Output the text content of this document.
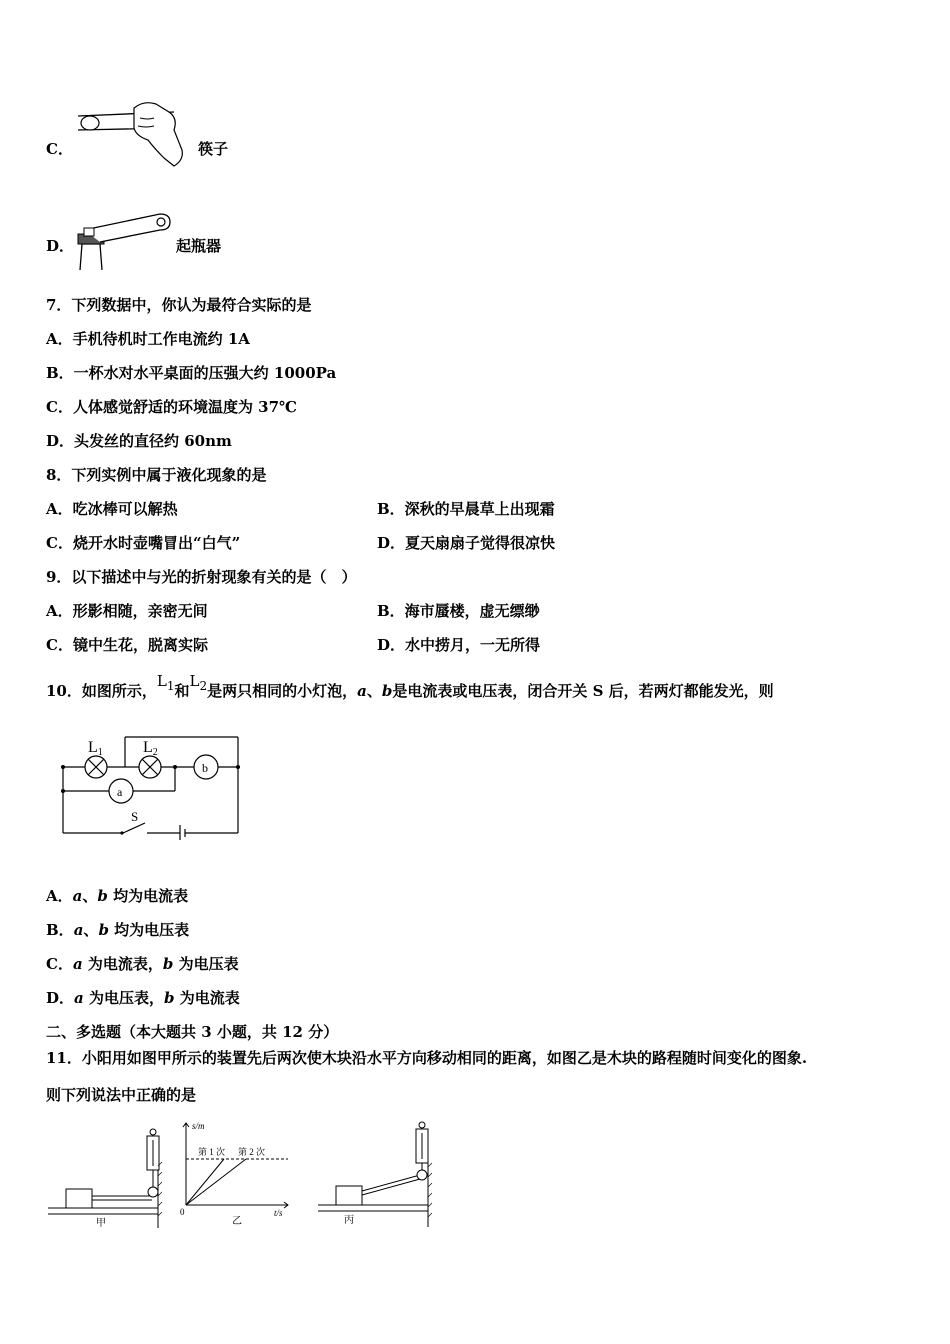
C．	筷子
D．	起瓶器
7．下列数据中，你认为最符合实际的是
A．手机待机时工作电流约 1A
B．一杯水对水平桌面的压强大约 1000Pa
C．人体感觉舒适的环境温度为 37℃
D．头发丝的直径约 60nm
8．下列实例中属于液化现象的是
A．吃冰棒可以解热	B．深秋的早晨草上出现霜
C．烧开水时壶嘴冒出“白气”	D．夏天扇扇子觉得很凉快
9．以下描述中与光的折射现象有关的是（　）
A．形影相随，亲密无间	B．海市蜃楼，虚无缥缈
C．镜中生花，脱离实际	D．水中捞月，一无所得
10．如图所示，$L_1$和$L_2$是两只相同的小灯泡，a、b是电流表或电压表，闭合开关 S 后，若两灯都能发光，则
L1	L2
a
b
S
A．a、b 均为电流表
B．a、b 均为电压表
C．a 为电流表，b 为电压表
D．a 为电压表，b 为电流表
二、多选题（本大题共 3 小题，共 12 分）
11．小阳用如图甲所示的装置先后两次使木块沿水平方向移动相同的距离，如图乙是木块的路程随时间变化的图象.
则下列说法中正确的是
甲
s/m
t/s
0
第 1 次 第 2 次
乙	丙
